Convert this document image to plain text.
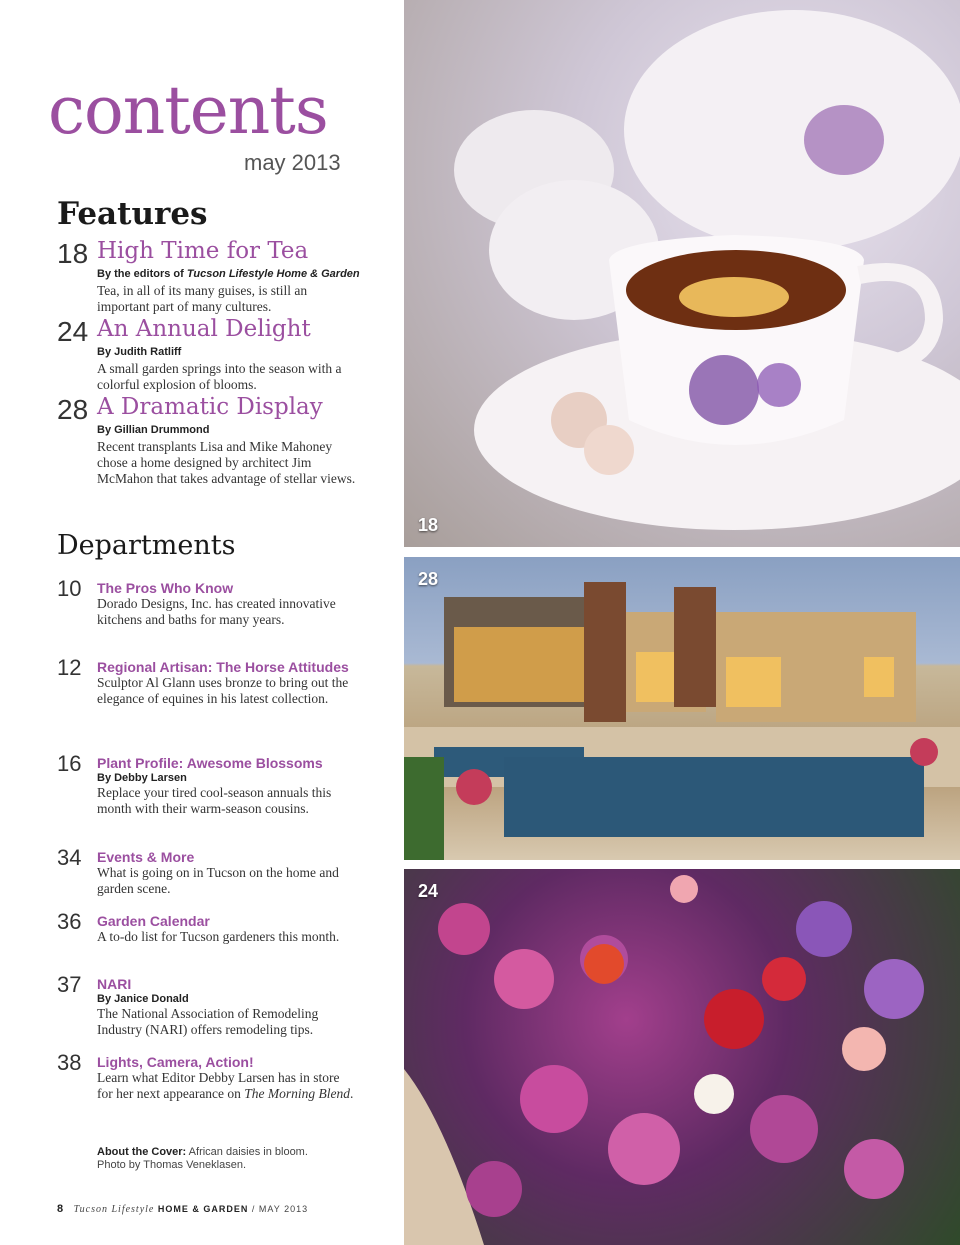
contents
may 2013
Features
18 High Time for Tea
By the editors of Tucson Lifestyle Home & Garden
Tea, in all of its many guises, is still an important part of many cultures.
24 An Annual Delight
By Judith Ratliff
A small garden springs into the season with a colorful explosion of blooms.
28 A Dramatic Display
By Gillian Drummond
Recent transplants Lisa and Mike Mahoney chose a home designed by architect Jim McMahon that takes advantage of stellar views.
Departments
10 The Pros Who Know
Dorado Designs, Inc. has created innovative kitchens and baths for many years.
12 Regional Artisan: The Horse Attitudes
Sculptor Al Glann uses bronze to bring out the elegance of equines in his latest collection.
16 Plant Profile: Awesome Blossoms
By Debby Larsen
Replace your tired cool-season annuals this month with their warm-season cousins.
34 Events & More
What is going on in Tucson on the home and garden scene.
36 Garden Calendar
A to-do list for Tucson gardeners this month.
37 NARI
By Janice Donald
The National Association of Remodeling Industry (NARI) offers remodeling tips.
38 Lights, Camera, Action!
Learn what Editor Debby Larsen has in store for her next appearance on The Morning Blend.
About the Cover: African daisies in bloom.
Photo by Thomas Veneklasen.
8 Tucson Lifestyle HOME & GARDEN / MAY 2013
18
28
24
